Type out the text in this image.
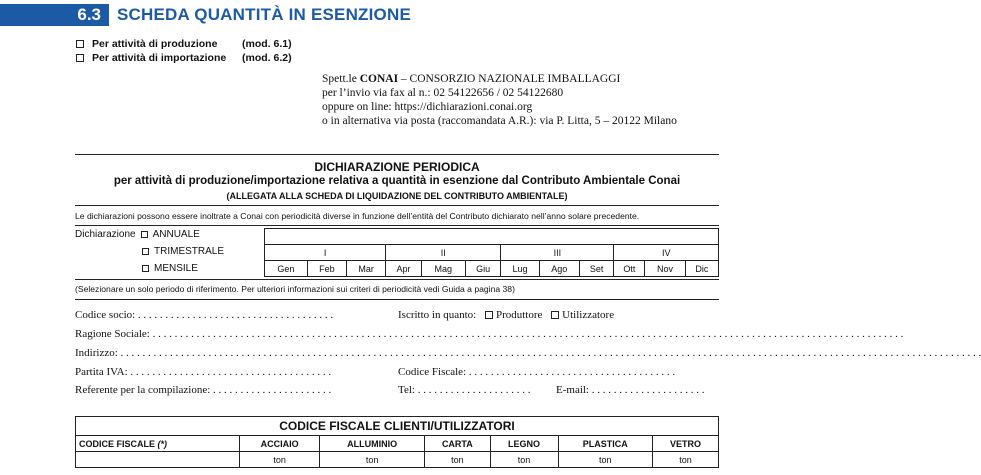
6.3 SCHEDA QUANTITÀ IN ESENZIONE
Per attività di produzione	(mod. 6.1)
Per attività di importazione	(mod. 6.2)
Spett.le CONAI – CONSORZIO NAZIONALE IMBALLAGGI
per l’invio via fax al n.: 02 54122656 / 02 54122680
oppure on line: https://dichiarazioni.conai.org
o in alternativa via posta (raccomandata A.R.): via P. Litta, 5 – 20122 Milano
DICHIARAZIONE PERIODICA
per attività di produzione/importazione relativa a quantità in esenzione dal Contributo Ambientale Conai
(ALLEGATA ALLA SCHEDA DI LIQUIDAZIONE DEL CONTRIBUTO AMBIENTALE)
Le dichiarazioni possono essere inoltrate a Conai con periodicità diverse in funzione dell’entità del Contributo dichiarato nell’anno solare precedente.
Dichiarazione ANNUALE
TRIMESTRALE
MENSILE

I			II			III			IV		
Gen	Feb	Mar	Apr	Mag	Giu	Lug	Ago	Set	Ott	Nov	Dic
(Selezionare un solo periodo di riferimento. Per ulteriori informazioni sui criteri di periodicità vedi Guida a pagina 38)
Codice socio: . . . . . . . . . . . . . . . . . . . . . . . . . . . . . . . . . . . .	Iscritto in quanto: Produttore Utilizzatore
Ragione Sociale: . . . . . . . . . . . . . . . . . . . . . . . . . . . . . . . . . . . . . . . . . . . . . . . . . . . . . . . . . . . . . . . . . . . . . . . . . . . . . . . . . . . . . . . . . . . . . . . . . . . . . . . . . . . . . . . . . . . . . . . . . . . . . . . . . . . . . . . . .
Indirizzo: . . . . . . . . . . . . . . . . . . . . . . . . . . . . . . . . . . . . . . . . . . . . . . . . . . . . . . . . . . . . . . . . . . . . . . . . . . . . . . . . . . . . . . . . . . . . . . . . . . . . . . . . . . . . . . . . . . . . . . . . . . . . . . . . . . . . . . . . . . . . . . . . . . . . . . . . . . . . .
Partita IVA: . . . . . . . . . . . . . . . . . . . . . . . . . . . . . . . . . . . . .	Codice Fiscale: . . . . . . . . . . . . . . . . . . . . . . . . . . . . . . . . . . . . . .
Referente per la compilazione: . . . . . . . . . . . . . . . . . . . . . .	Tel: . . . . . . . . . . . . . . . . . . . . .	E-mail: . . . . . . . . . . . . . . . . . . . . .
CODICE FISCALE CLIENTI/UTILIZZATORI						
CODICE FISCALE (*)	ACCIAIO	ALLUMINIO	CARTA	LEGNO	PLASTICA	VETRO
	ton	ton	ton	ton	ton	ton
